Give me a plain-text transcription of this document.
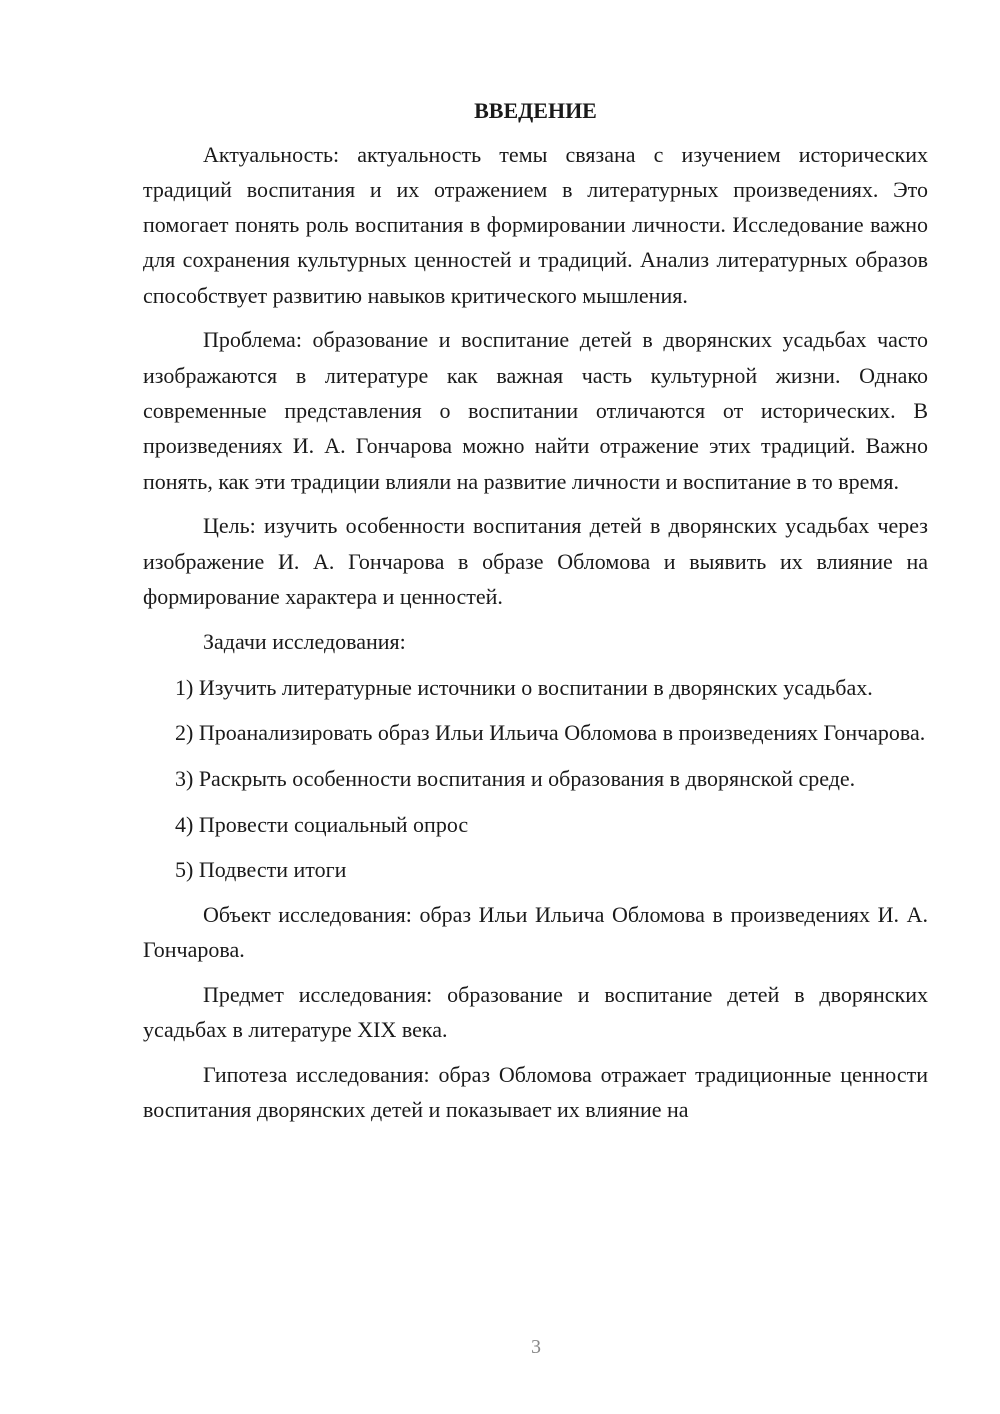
ВВЕДЕНИЕ

Актуальность: актуальность темы связана с изучением исторических традиций воспитания и их отражением в литературных произведениях. Это помогает понять роль воспитания в формировании личности. Исследование важно для сохранения культурных ценностей и традиций. Анализ литературных образов способствует развитию навыков критического мышления.

Проблема: образование и воспитание детей в дворянских усадьбах часто изображаются в литературе как важная часть культурной жизни. Однако современные представления о воспитании отличаются от исторических. В произведениях И. А. Гончарова можно найти отражение этих традиций. Важно понять, как эти традиции влияли на развитие личности и воспитание в то время.

Цель: изучить особенности воспитания детей в дворянских усадьбах через изображение И. А. Гончарова в образе Обломова и выявить их влияние на формирование характера и ценностей.

Задачи исследования:

1) Изучить литературные источники о воспитании в дворянских усадьбах.

2) Проанализировать образ Ильи Ильича Обломова в произведениях Гончарова.

3) Раскрыть особенности воспитания и образования в дворянской среде.

4) Провести социальный опрос

5) Подвести итоги

Объект исследования: образ Ильи Ильича Обломова в произведениях И. А. Гончарова.

Предмет исследования: образование и воспитание детей в дворянских усадьбах в литературе XIX века.

Гипотеза исследования: образ Обломова отражает традиционные ценности воспитания дворянских детей и показывает их влияние на

3
